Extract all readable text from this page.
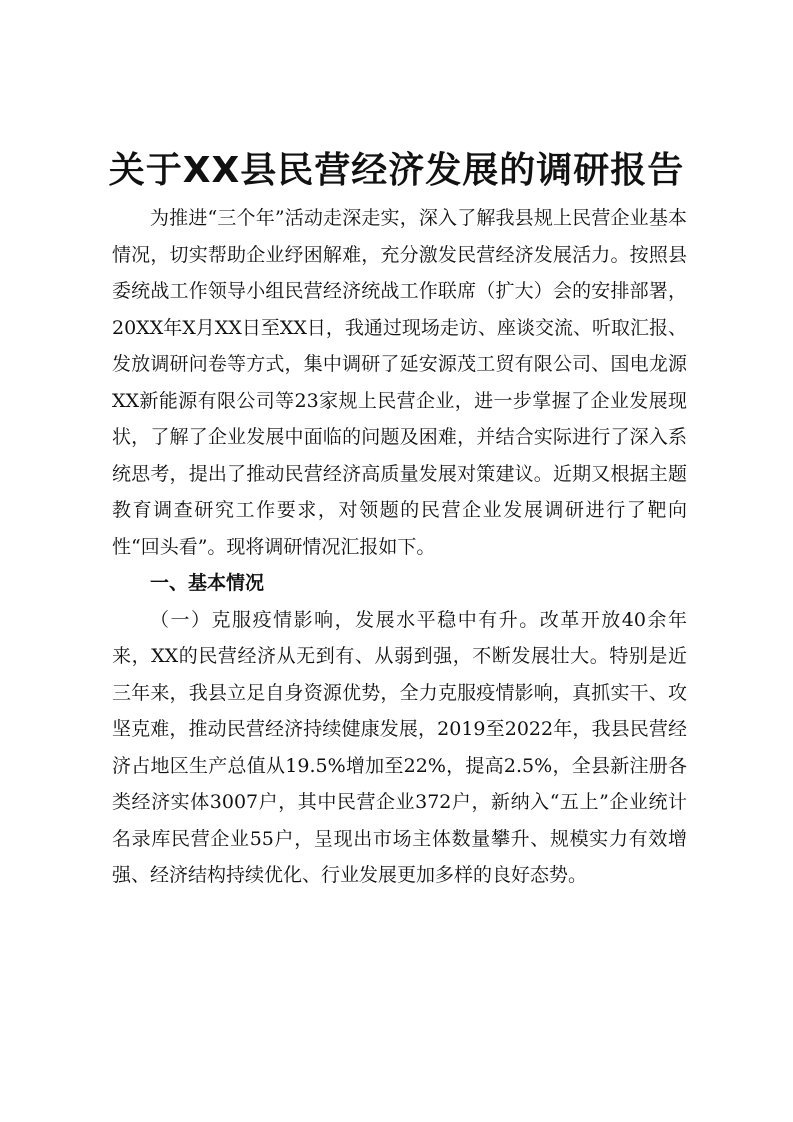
关于XX县民营经济发展的调研报告

为推进“三个年”活动走深走实，深入了解我县规上民营企业基本情况，切实帮助企业纾困解难，充分激发民营经济发展活力。按照县委统战工作领导小组民营经济统战工作联席（扩大）会的安排部署，20XX年X月XX日至XX日，我通过现场走访、座谈交流、听取汇报、发放调研问卷等方式，集中调研了延安源茂工贸有限公司、国电龙源XX新能源有限公司等23家规上民营企业，进一步掌握了企业发展现状，了解了企业发展中面临的问题及困难，并结合实际进行了深入系统思考，提出了推动民营经济高质量发展对策建议。近期又根据主题教育调查研究工作要求，对领题的民营企业发展调研进行了靶向性“回头看”。现将调研情况汇报如下。

一、基本情况

（一）克服疫情影响，发展水平稳中有升。改革开放40余年来，XX的民营经济从无到有、从弱到强，不断发展壮大。特别是近三年来，我县立足自身资源优势，全力克服疫情影响，真抓实干、攻坚克难，推动民营经济持续健康发展，2019至2022年，我县民营经济占地区生产总值从19.5%增加至22%，提高2.5%，全县新注册各类经济实体3007户，其中民营企业372户，新纳入“五上”企业统计名录库民营企业55户，呈现出市场主体数量攀升、规模实力有效增强、经济结构持续优化、行业发展更加多样的良好态势。
